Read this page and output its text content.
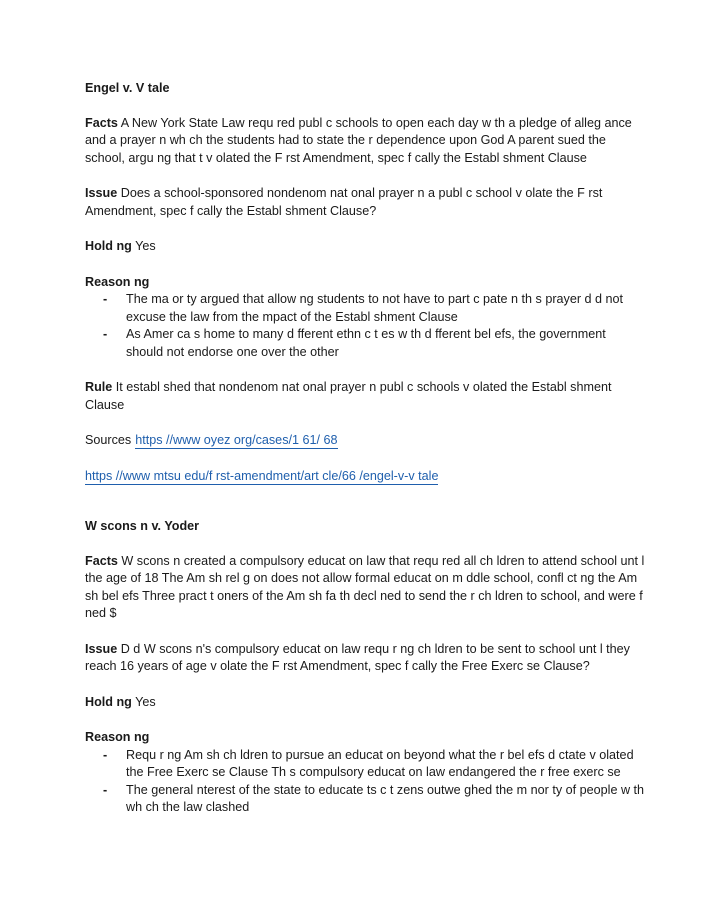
Engel v. V tale

Facts A New York State Law requ red publ c schools to open each day w th a pledge of alleg ance and a prayer n wh ch the students had to state the r dependence upon God A parent sued the school, argu ng that t v olated the F rst Amendment, spec f cally the Establ shment Clause

Issue Does a school-sponsored nondenom nat onal prayer n a publ c school v olate the F rst Amendment, spec f cally the Establ shment Clause?

Hold ng Yes

Reason ng

- The ma or ty argued that allow ng students to not have to part c pate n th s prayer d d not excuse the law from the mpact of the Establ shment Clause
- As Amer ca s home to many d fferent ethn c t es w th d fferent bel efs, the government should not endorse one over the other

Rule It establ shed that nondenom nat onal prayer n publ c schools v olated the Establ shment Clause

Sources https //www oyez org/cases/1 61/ 68

https //www mtsu edu/f rst-amendment/art cle/66 /engel-v-v tale

W scons n v. Yoder

Facts W scons n created a compulsory educat on law that requ red all ch ldren to attend school unt l the age of 18 The Am sh rel g on does not allow formal educat on m ddle school, confl ct ng the Am sh bel efs Three pract t oners of the Am sh fa th decl ned to send the r ch ldren to school, and were f ned $

Issue D d W scons n's compulsory educat on law requ r ng ch ldren to be sent to school unt l they reach 16 years of age v olate the F rst Amendment, spec f cally the Free Exerc se Clause?

Hold ng Yes

Reason ng

- Requ r ng Am sh ch ldren to pursue an educat on beyond what the r bel efs d ctate v olated the Free Exerc se Clause Th s compulsory educat on law endangered the r free exerc se
- The general nterest of the state to educate ts c t zens outwe ghed the m nor ty of people w th wh ch the law clashed
